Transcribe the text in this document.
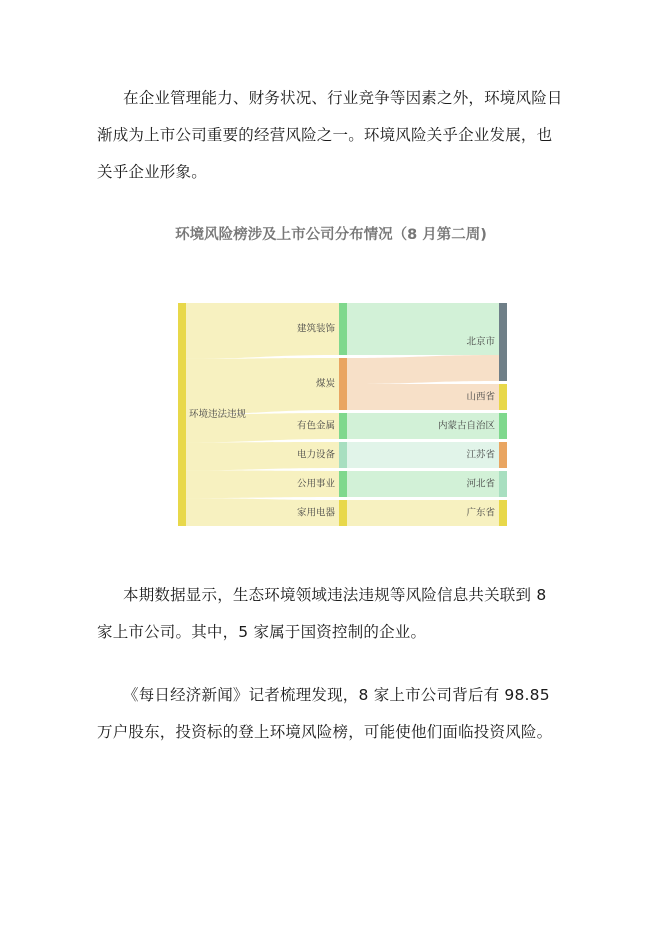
在企业管理能力、财务状况、行业竞争等因素之外，环境风险日渐成为上市公司重要的经营风险之一。环境风险关乎企业发展，也关乎企业形象。

环境风险榜涉及上市公司分布情况（8 月第二周)
环境违法违规
建筑装饰
煤炭
有色金属
电力设备
公用事业
家用电器
北京市
山西省
内蒙古自治区
江苏省
河北省
广东省

本期数据显示，生态环境领域违法违规等风险信息共关联到 8 家上市公司。其中，5 家属于国资控制的企业。

《每日经济新闻》记者梳理发现，8 家上市公司背后有 98.85 万户股东，投资标的登上环境风险榜，可能使他们面临投资风险。
